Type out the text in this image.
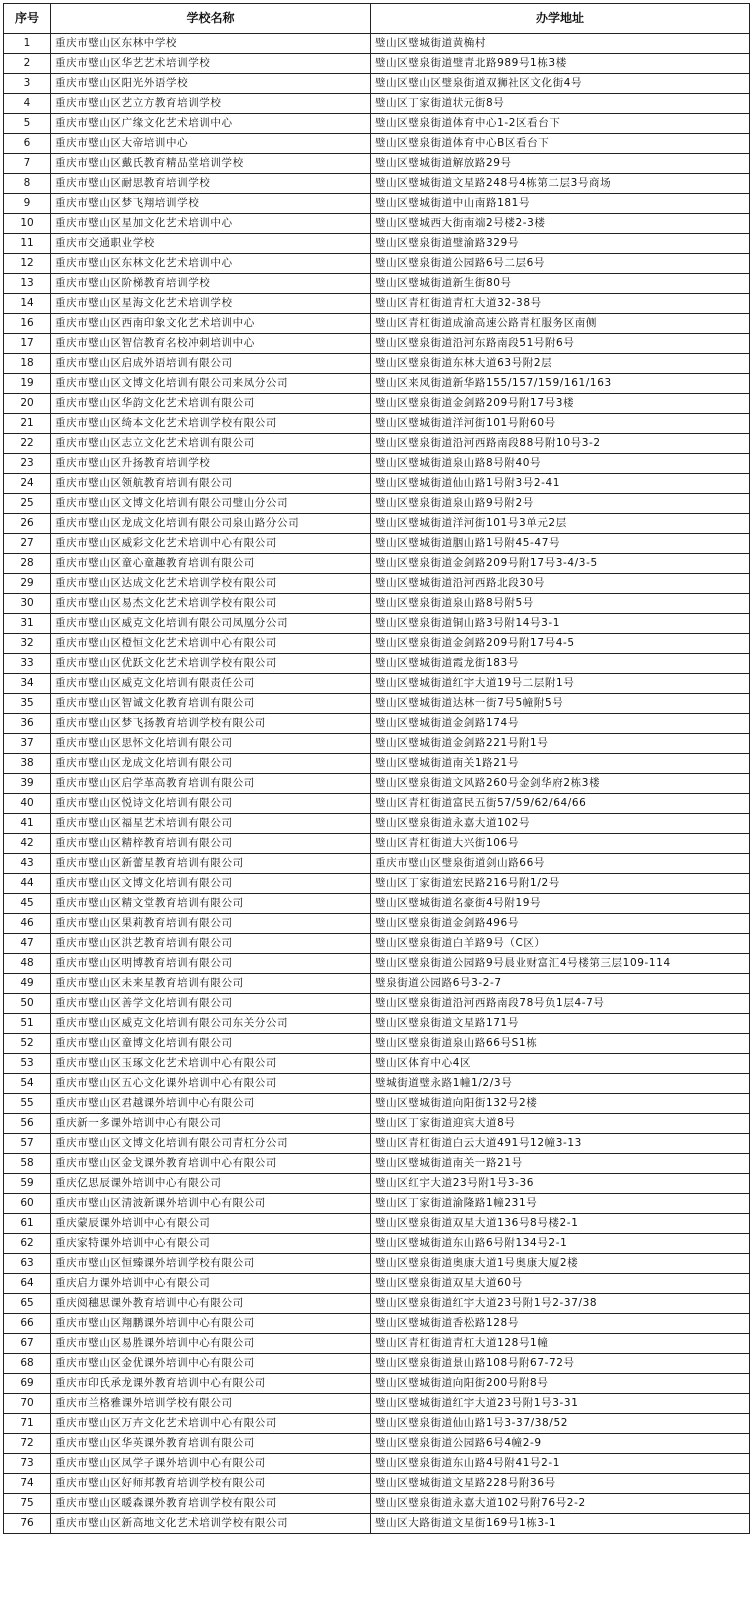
序号	学校名称	办学地址
1	重庆市璧山区东林中学校	璧山区璧城街道黄桷村
2	重庆市璧山区华艺艺术培训学校	璧山区璧泉街道璧青北路989号1栋3楼
3	重庆市璧山区阳光外语学校	璧山区璧山区璧泉街道双狮社区文化街4号
4	重庆市璧山区艺立方教育培训学校	璧山区丁家街道状元街8号
5	重庆市璧山区广缘文化艺术培训中心	璧山区璧泉街道体育中心1-2区看台下
6	重庆市璧山区大帝培训中心	璧山区璧泉街道体育中心B区看台下
7	重庆市璧山区戴氏教育精品堂培训学校	璧山区璧城街道解放路29号
8	重庆市璧山区耐思教育培训学校	璧山区璧城街道文星路248号4栋第二层3号商场
9	重庆市璧山区梦飞翔培训学校	璧山区璧城街道中山南路181号
10	重庆市璧山区星加文化艺术培训中心	璧山区璧城西大街南端2号楼2-3楼
11	重庆市交通职业学校	璧山区璧泉街道璧渝路329号
12	重庆市璧山区东林文化艺术培训中心	璧山区璧泉街道公园路6号二层6号
13	重庆市璧山区阶梯教育培训学校	璧山区璧城街道新生街80号
14	重庆市璧山区星海文化艺术培训学校	璧山区青杠街道青杠大道32-38号
16	重庆市璧山区西南印象文化艺术培训中心	璧山区青杠街道成渝高速公路青杠服务区南侧
17	重庆市璧山区智信教育名校冲刺培训中心	璧山区璧泉街道沿河东路南段51号附6号
18	重庆市璧山区启成外语培训有限公司	璧山区璧泉街道东林大道63号附2层
19	重庆市璧山区文博文化培训有限公司来凤分公司	璧山区来凤街道新华路155/157/159/161/163
20	重庆市璧山区华韵文化艺术培训有限公司	璧山区璧泉街道金剑路209号附17号3楼
21	重庆市璧山区绮本文化艺术培训学校有限公司	璧山区璧城街道洋河街101号附60号
22	重庆市璧山区志立文化艺术培训有限公司	璧山区璧泉街道沿河西路南段88号附10号3-2
23	重庆市璧山区升扬教育培训学校	璧山区璧城街道泉山路8号附40号
24	重庆市璧山区领航教育培训有限公司	璧山区璧城街道仙山路1号附3号2-41
25	重庆市璧山区文博文化培训有限公司璧山分公司	璧山区璧泉街道泉山路9号附2号
26	重庆市璧山区龙成文化培训有限公司泉山路分公司	璧山区璧城街道洋河街101号3单元2层
27	重庆市璧山区威彩文化艺术培训中心有限公司	璧山区璧城街道胭山路1号附45-47号
28	重庆市璧山区童心童趣教育培训有限公司	璧山区璧泉街道金剑路209号附17号3-4/3-5
29	重庆市璧山区达成文化艺术培训学校有限公司	璧山区璧城街道沿河西路北段30号
30	重庆市璧山区易杰文化艺术培训学校有限公司	璧山区璧泉街道泉山路8号附5号
31	重庆市璧山区威克文化培训有限公司凤凰分公司	璧山区璧泉街道铜山路3号附14号3-1
32	重庆市璧山区橙恒文化艺术培训中心有限公司	璧山区璧泉街道金剑路209号附17号4-5
33	重庆市璧山区优跃文化艺术培训学校有限公司	璧山区璧城街道霞龙街183号
34	重庆市璧山区威克文化培训有限责任公司	璧山区璧城街道红宇大道19号二层附1号
35	重庆市璧山区智诚文化教育培训有限公司	璧山区璧城街道达林一街7号5幢附5号
36	重庆市璧山区梦飞扬教育培训学校有限公司	璧山区璧城街道金剑路174号
37	重庆市璧山区思怀文化培训有限公司	璧山区璧城街道金剑路221号附1号
38	重庆市璧山区龙成文化培训有限公司	璧山区璧城街道南关1路21号
39	重庆市璧山区启学革高教育培训有限公司	璧山区璧泉街道文风路260号金剑华府2栋3楼
40	重庆市璧山区悦诗文化培训有限公司	璧山区青杠街道富民五街57/59/62/64/66
41	重庆市璧山区福星艺术培训有限公司	璧山区璧泉街道永嘉大道102号
42	重庆市璧山区精梓教育培训有限公司	璧山区青杠街道大兴街106号
43	重庆市璧山区新蕾星教育培训有限公司	重庆市璧山区璧泉街道剑山路66号
44	重庆市璧山区文博文化培训有限公司	璧山区丁家街道宏民路216号附1/2号
45	重庆市璧山区精文堂教育培训有限公司	璧山区璧城街道名豪街4号附19号
46	重庆市璧山区果莉教育培训有限公司	璧山区璧泉街道金剑路496号
47	重庆市璧山区洪艺教育培训有限公司	璧山区璧泉街道白羊路9号（C区）
48	重庆市璧山区明博教育培训有限公司	璧山区璧泉街道公园路9号晨业财富汇4号楼第三层109-114
49	重庆市璧山区未来星教育培训有限公司	璧泉街道公园路6号3-2-7
50	重庆市璧山区善学文化培训有限公司	璧山区璧泉街道沿河西路南段78号负1层4-7号
51	重庆市璧山区威克文化培训有限公司东关分公司	璧山区璧泉街道文星路171号
52	重庆市璧山区童博文化培训有限公司	璧山区璧泉街道泉山路66号S1栋
53	重庆市璧山区玉琢文化艺术培训中心有限公司	璧山区体育中心4区
54	重庆市璧山区五心文化课外培训中心有限公司	璧城街道璧永路1幢1/2/3号
55	重庆市璧山区君越课外培训中心有限公司	璧山区璧城街道向阳街132号2楼
56	重庆新一多课外培训中心有限公司	璧山区丁家街道迎宾大道8号
57	重庆市璧山区文博文化培训有限公司青杠分公司	璧山区青杠街道白云大道491号12幢3-13
58	重庆市璧山区金戈课外教育培训中心有限公司	璧山区璧城街道南关一路21号
59	重庆亿思辰课外培训中心有限公司	璧山区红宇大道23号附1号3-36
60	重庆市璧山区清波新课外培训中心有限公司	璧山区丁家街道渝隆路1幢231号
61	重庆蒙辰课外培训中心有限公司	璧山区璧泉街道双星大道136号8号楼2-1
62	重庆家特课外培训中心有限公司	璧山区璧城街道东山路6号附134号2-1
63	重庆市璧山区恒臻课外培训学校有限公司	璧山区璧泉街道奥康大道1号奥康大厦2楼
64	重庆启力课外培训中心有限公司	璧山区璧泉街道双星大道60号
65	重庆阅穗思课外教育培训中心有限公司	璧山区璧泉街道红宇大道23号附1号2-37/38
66	重庆市璧山区翔鹏课外培训中心有限公司	璧山区璧城街道香松路128号
67	重庆市璧山区易胜课外培训中心有限公司	璧山区青杠街道青杠大道128号1幢
68	重庆市璧山区金优课外培训中心有限公司	璧山区璧泉街道景山路108号附67-72号
69	重庆市印氏承龙课外教育培训中心有限公司	璧山区璧城街道向阳街200号附8号
70	重庆市兰格雅课外培训学校有限公司	璧山区璧城街道红宇大道23号附1号3-31
71	重庆市璧山区万卉文化艺术培训中心有限公司	璧山区璧泉街道仙山路1号3-37/38/52
72	重庆市璧山区华英课外教育培训有限公司	璧山区璧泉街道公园路6号4幢2-9
73	重庆市璧山区凤学子课外培训中心有限公司	璧山区璧泉街道东山路4号附41号2-1
74	重庆市璧山区好师邦教育培训学校有限公司	璧山区璧城街道文星路228号附36号
75	重庆市璧山区暖森课外教育培训学校有限公司	璧山区璧泉街道永嘉大道102号附76号2-2
76	重庆市璧山区新高地文化艺术培训学校有限公司	璧山区大路街道文星街169号1栋3-1
